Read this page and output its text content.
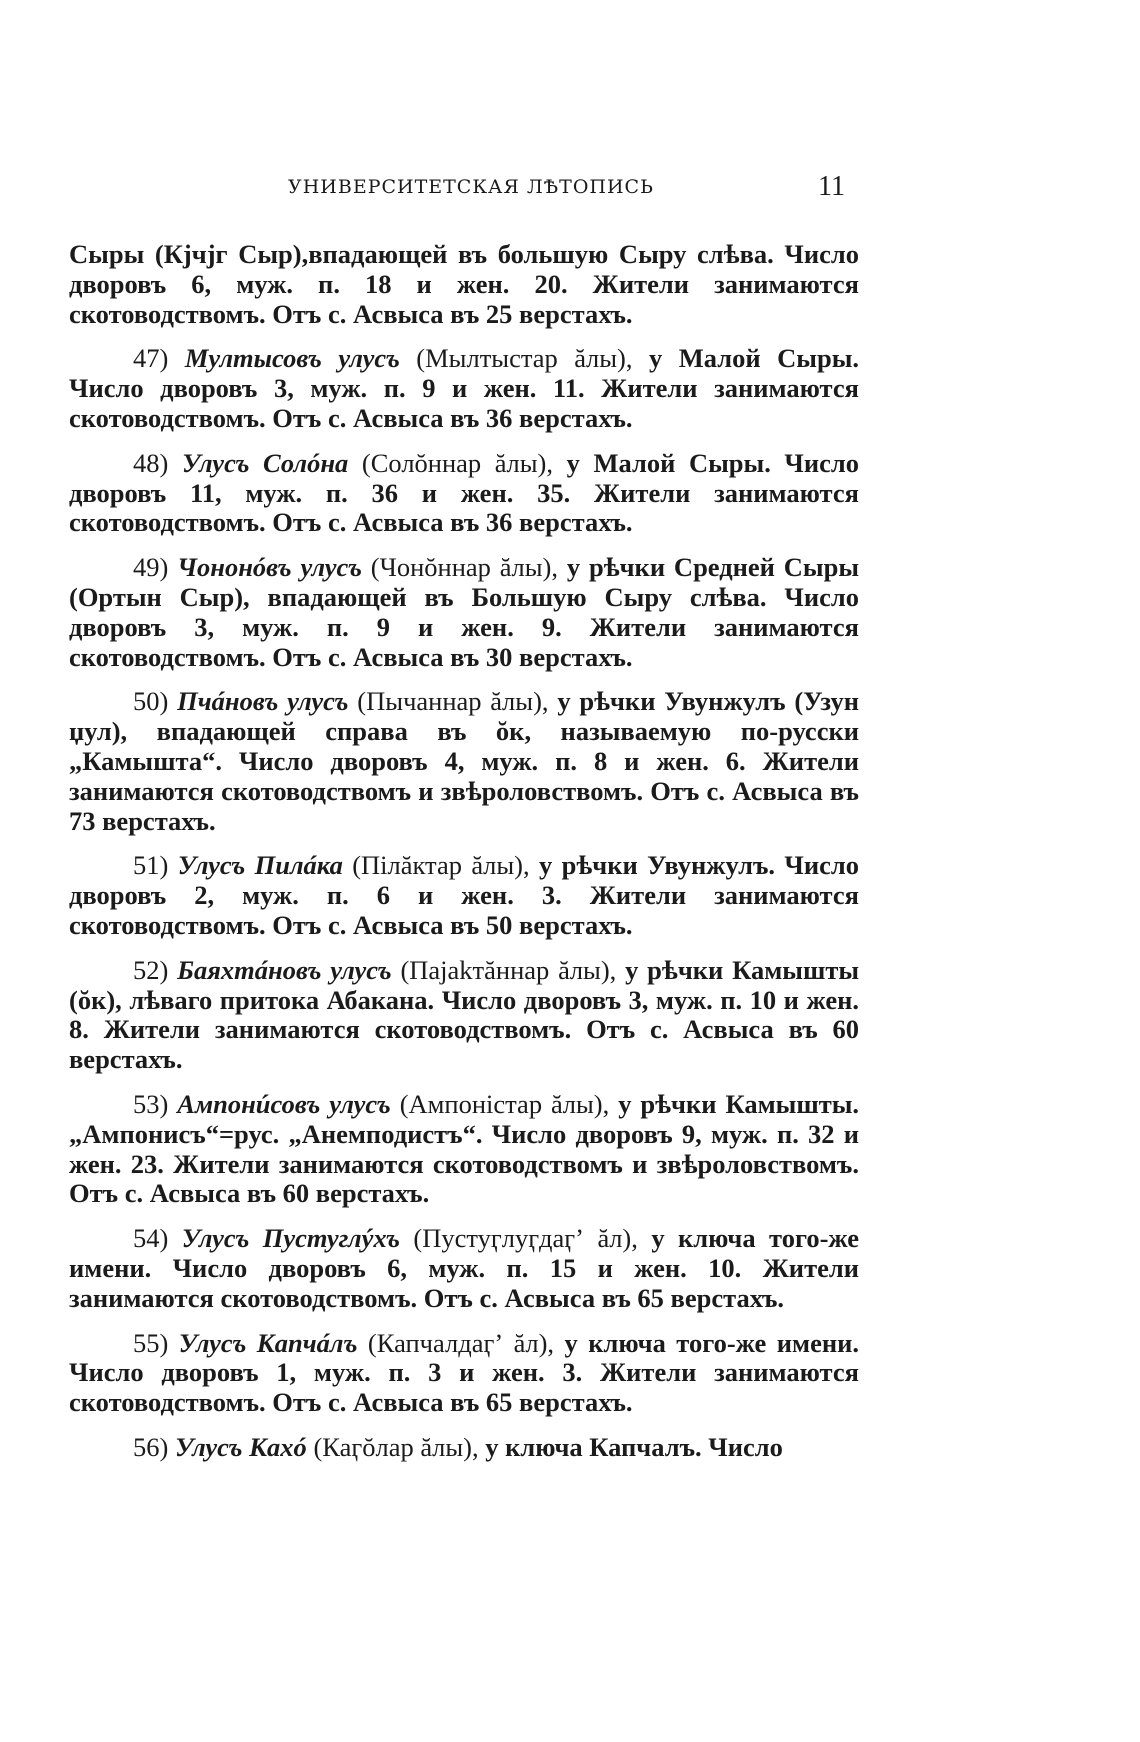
УНИВЕРСИТЕТСКАЯ ЛѢТОПИСЬ	11

Сыры (Кјчјг Сыр),впадающей въ большую Сыру слѣва. Число дворовъ 6, муж. п. 18 и жен. 20. Жители занимаются скотоводствомъ. Отъ с. Асвыса въ 25 верстахъ.

47) Мултысовъ улусъ (Мылтыстар ăлы), у Малой Сыры. Число дворовъ 3, муж. п. 9 и жен. 11. Жители занимаются скотоводствомъ. Отъ с. Асвыса въ 36 верстахъ.

48) Улусъ Солóна (Солŏннар ăлы), у Малой Сыры. Число дворовъ 11, муж. п. 36 и жен. 35. Жители занимаются скотоводствомъ. Отъ с. Асвыса въ 36 верстахъ.

49) Чононóвъ улусъ (Чонŏннар ăлы), у рѣчки Средней Сыры (Ортын Сыр), впадающей въ Большую Сыру слѣва. Число дворовъ 3, муж. п. 9 и жен. 9. Жители занимаются скотоводствомъ. Отъ с. Асвыса въ 30 верстахъ.

50) Пчáновъ улусъ (Пычаннар ăлы), у рѣчки Увунжулъ (Узун џул), впадающей справа въ ŏк, называемую по-русски „Камышта“. Число дворовъ 4, муж. п. 8 и жен. 6. Жители занимаются скотоводствомъ и звѣроловствомъ. Отъ с. Асвыса въ 73 верстахъ.

51) Улусъ Пилáка (Пiлăктар ăлы), у рѣчки Увунжулъ. Число дворовъ 2, муж. п. 6 и жен. 3. Жители занимаются скотоводствомъ. Отъ с. Асвыса въ 50 верстахъ.

52) Баяхтáновъ улусъ (Пајаkтăннар ăлы), у рѣчки Камышты (ŏк), лѣваго притока Абакана. Число дворовъ 3, муж. п. 10 и жен. 8. Жители занимаются скотоводствомъ. Отъ с. Асвыса въ 60 верстахъ.

53) Ампонúсовъ улусъ (Ампонiстар ăлы), у рѣчки Камышты. „Ампонисъ“=рус. „Анемподистъ“. Число дворовъ 9, муж. п. 32 и жен. 23. Жители занимаются скотоводствомъ и звѣроловствомъ. Отъ с. Асвыса въ 60 верстахъ.

54) Улусъ Пустуглýхъ (Пустуӷлуӷдаӷʼ ăл), у ключа того-же имени. Число дворовъ 6, муж. п. 15 и жен. 10. Жители занимаются скотоводствомъ. Отъ с. Асвыса въ 65 верстахъ.

55) Улусъ Капчáлъ (Капчалдаӷʼ ăл), у ключа того-же имени. Число дворовъ 1, муж. п. 3 и жен. 3. Жители занимаются скотоводствомъ. Отъ с. Асвыса въ 65 верстахъ.

56) Улусъ Кахó (Каӷŏлар ăлы), у ключа Капчалъ. Число
